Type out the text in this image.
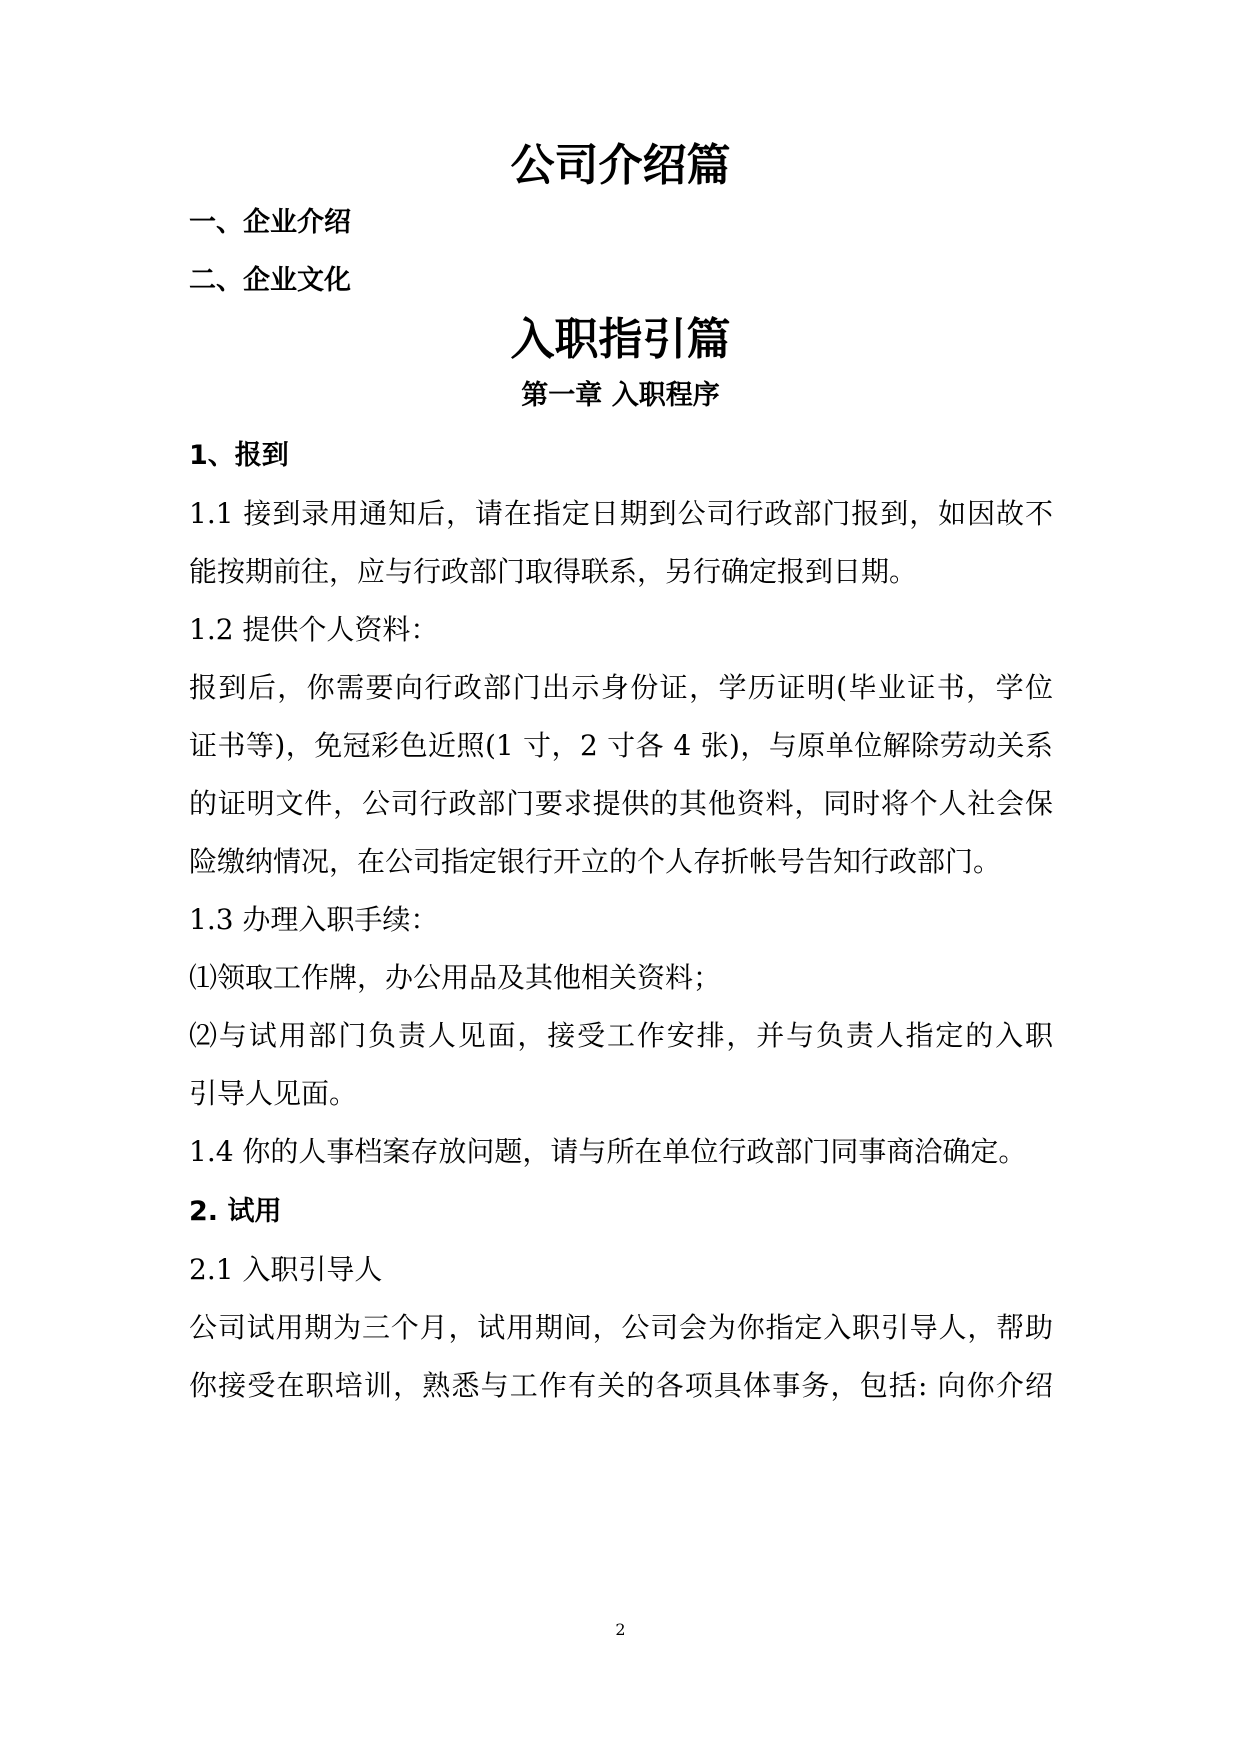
公司介绍篇
一、企业介绍
二、企业文化
入职指引篇
第一章 入职程序
1、报到
1.1 接到录用通知后，请在指定日期到公司行政部门报到，如因故不
能按期前往，应与行政部门取得联系，另行确定报到日期。
1.2 提供个人资料：
报到后，你需要向行政部门出示身份证，学历证明(毕业证书，学位
证书等)，免冠彩色近照(1 寸，2 寸各 4 张)，与原单位解除劳动关系
的证明文件，公司行政部门要求提供的其他资料，同时将个人社会保
险缴纳情况，在公司指定银行开立的个人存折帐号告知行政部门。
1.3 办理入职手续：
⑴领取工作牌，办公用品及其他相关资料；
⑵与试用部门负责人见面，接受工作安排，并与负责人指定的入职
引导人见面。
1.4 你的人事档案存放问题，请与所在单位行政部门同事商洽确定。
2. 试用
2.1 入职引导人
公司试用期为三个月，试用期间，公司会为你指定入职引导人，帮助
你接受在职培训，熟悉与工作有关的各项具体事务，包括: 向你介绍
2
